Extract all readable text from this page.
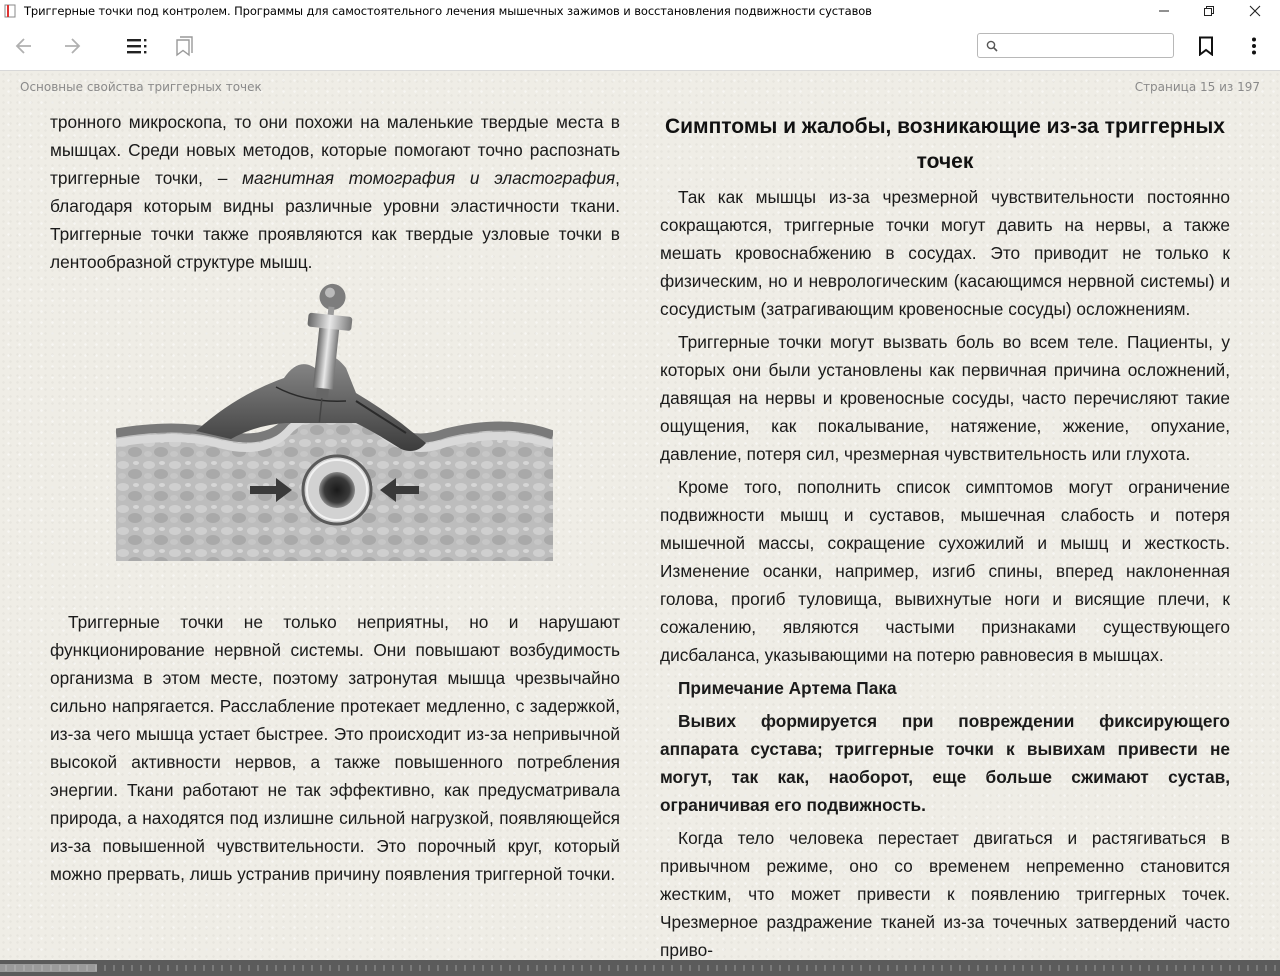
Триггерные точки под контролем. Программы для самостоятельного лечения мышечных зажимов и восстановления подвижности суставов
Основные свойства триггерных точек	Страница 15 из 197

тронного микроскопа, то они похожи на маленькие твердые места в мышцах. Среди новых методов, которые помогают точно распознать триггерные точки, – магнитная томография и эластография, благодаря которым видны различные уровни эластичности ткани. Триггерные точки также проявляются как твердые узловые точки в лентообразной структуре мышц.

Триггерные точки не только неприятны, но и нарушают функционирование нервной системы. Они повышают возбудимость организма в этом месте, поэтому затронутая мышца чрезвычайно сильно напрягается. Расслабление протекает медленно, с задержкой, из-за чего мышца устает быстрее. Это происходит из-за непривычной высокой активности нервов, а также повышенного потребления энергии. Ткани работают не так эффективно, как предусматривала природа, а находятся под излишне сильной нагрузкой, появляющейся из-за повышенной чувствительности. Это порочный круг, который можно прервать, лишь устранив причину появления триггерной точки.

Симптомы и жалобы, возникающие из-за триггерных точек

Так как мышцы из-за чрезмерной чувствительности постоянно сокращаются, триггерные точки могут давить на нервы, а также мешать кровоснабжению в сосудах. Это приводит не только к физическим, но и неврологическим (касающимся нервной системы) и сосудистым (затрагивающим кровеносные сосуды) осложнениям.

Триггерные точки могут вызвать боль во всем теле. Пациенты, у которых они были установлены как первичная причина осложнений, давящая на нервы и кровеносные сосуды, часто перечисляют такие ощущения, как покалывание, натяжение, жжение, опухание, давление, потеря сил, чрезмерная чувствительность или глухота.

Кроме того, пополнить список симптомов могут ограничение подвижности мышц и суставов, мышечная слабость и потеря мышечной массы, сокращение сухожилий и мышц и жесткость. Изменение осанки, например, изгиб спины, вперед наклоненная голова, прогиб туловища, вывихнутые ноги и висящие плечи, к сожалению, являются частыми признаками существующего дисбаланса, указывающими на потерю равновесия в мышцах.

Примечание Артема Пака

Вывих формируется при повреждении фиксирующего аппарата сустава; триггерные точки к вывихам привести не могут, так как, наоборот, еще больше сжимают сустав, ограничивая его подвижность.

Когда тело человека перестает двигаться и растягиваться в привычном режиме, оно со временем непременно становится жестким, что может привести к появлению триггерных точек. Чрезмерное раздражение тканей из-за точечных затвердений часто приво-
